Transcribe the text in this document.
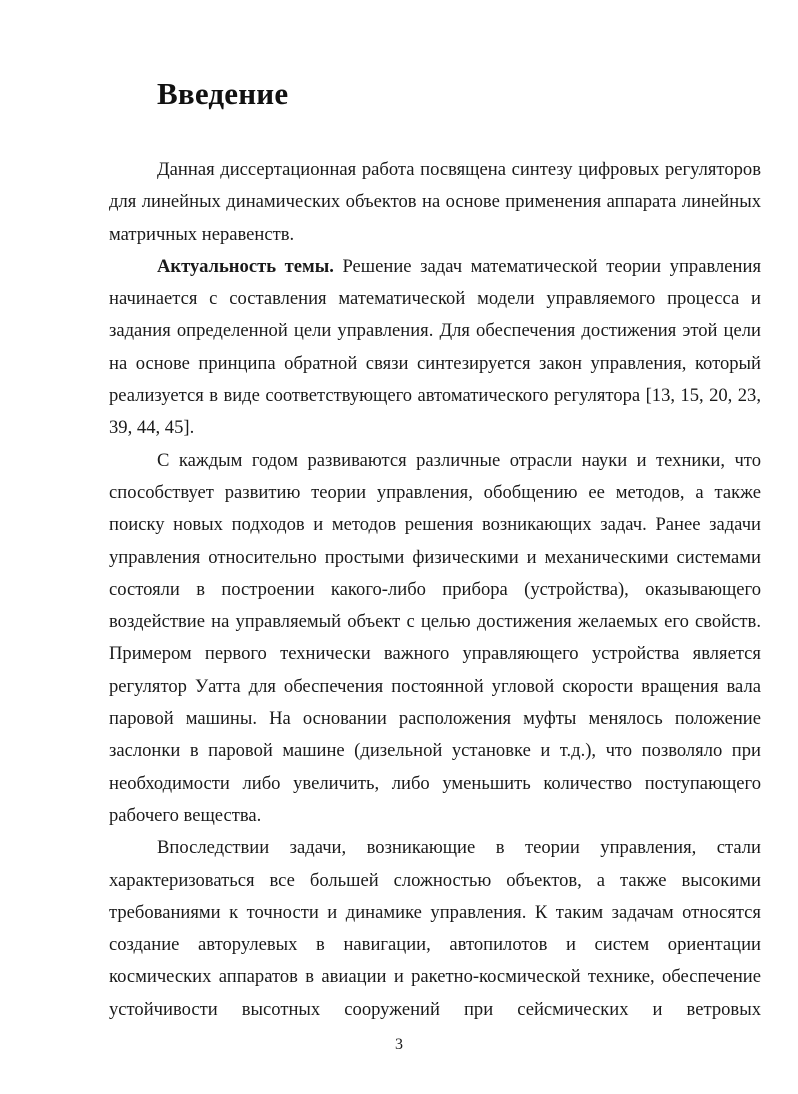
Введение

Данная диссертационная работа посвящена синтезу цифровых регуляторов для линейных динамических объектов на основе применения аппарата линейных матричных неравенств.

Актуальность темы. Решение задач математической теории управления начинается с составления математической модели управляемого процесса и задания определенной цели управления. Для обеспечения достижения этой цели на основе принципа обратной связи синтезируется закон управления, который реализуется в виде соответствующего автоматического регулятора [13, 15, 20, 23, 39, 44, 45].

С каждым годом развиваются различные отрасли науки и техники, что способствует развитию теории управления, обобщению ее методов, а также поиску новых подходов и методов решения возникающих задач. Ранее задачи управления относительно простыми физическими и механическими системами состояли в построении какого-либо прибора (устройства), оказывающего воздействие на управляемый объект с целью достижения желаемых его свойств. Примером первого технически важного управляющего устройства является регулятор Уатта для обеспечения постоянной угловой скорости вращения вала паровой машины. На основании расположения муфты менялось положение заслонки в паровой машине (дизельной установке и т.д.), что позволяло при необходимости либо увеличить, либо уменьшить количество поступающего рабочего вещества.

Впоследствии задачи, возникающие в теории управления, стали характеризоваться все большей сложностью объектов, а также высокими требованиями к точности и динамике управления. К таким задачам относятся создание авторулевых в навигации, автопилотов и систем ориентации космических аппаратов в авиации и ракетно-космической технике, обеспечение устойчивости высотных сооружений при сейсмических и ветровых

3
